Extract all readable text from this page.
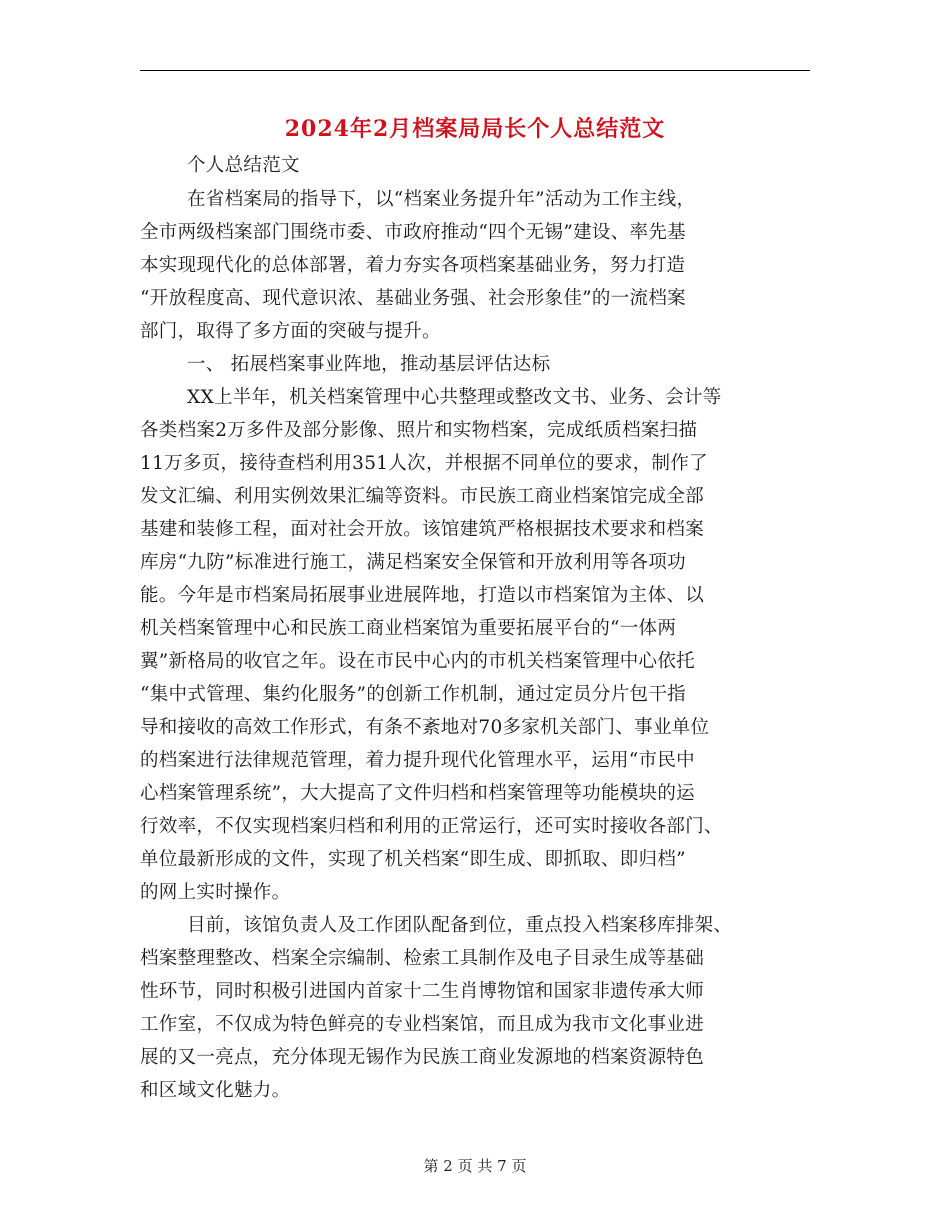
2024年2月档案局局长个人总结范文
个人总结范文
在省档案局的指导下，以“档案业务提升年”活动为工作主线，
全市两级档案部门围绕市委、市政府推动“四个无锡”建设、率先基
本实现现代化的总体部署，着力夯实各项档案基础业务，努力打造
“开放程度高、现代意识浓、基础业务强、社会形象佳”的一流档案
部门，取得了多方面的突破与提升。
一、 拓展档案事业阵地，推动基层评估达标
XX上半年，机关档案管理中心共整理或整改文书、业务、会计等
各类档案2万多件及部分影像、照片和实物档案，完成纸质档案扫描
11万多页，接待查档利用351人次，并根据不同单位的要求，制作了
发文汇编、利用实例效果汇编等资料。市民族工商业档案馆完成全部
基建和装修工程，面对社会开放。该馆建筑严格根据技术要求和档案
库房“九防”标准进行施工，满足档案安全保管和开放利用等各项功
能。今年是市档案局拓展事业进展阵地，打造以市档案馆为主体、以
机关档案管理中心和民族工商业档案馆为重要拓展平台的“一体两
翼”新格局的收官之年。设在市民中心内的市机关档案管理中心依托
“集中式管理、集约化服务”的创新工作机制，通过定员分片包干指
导和接收的高效工作形式，有条不紊地对70多家机关部门、事业单位
的档案进行法律规范管理，着力提升现代化管理水平，运用“市民中
心档案管理系统”，大大提高了文件归档和档案管理等功能模块的运
行效率，不仅实现档案归档和利用的正常运行，还可实时接收各部门、
单位最新形成的文件，实现了机关档案“即生成、即抓取、即归档”
的网上实时操作。
目前，该馆负责人及工作团队配备到位，重点投入档案移库排架、
档案整理整改、档案全宗编制、检索工具制作及电子目录生成等基础
性环节，同时积极引进国内首家十二生肖博物馆和国家非遗传承大师
工作室，不仅成为特色鲜亮的专业档案馆，而且成为我市文化事业进
展的又一亮点，充分体现无锡作为民族工商业发源地的档案资源特色
和区域文化魅力。
第 2 页 共 7 页
